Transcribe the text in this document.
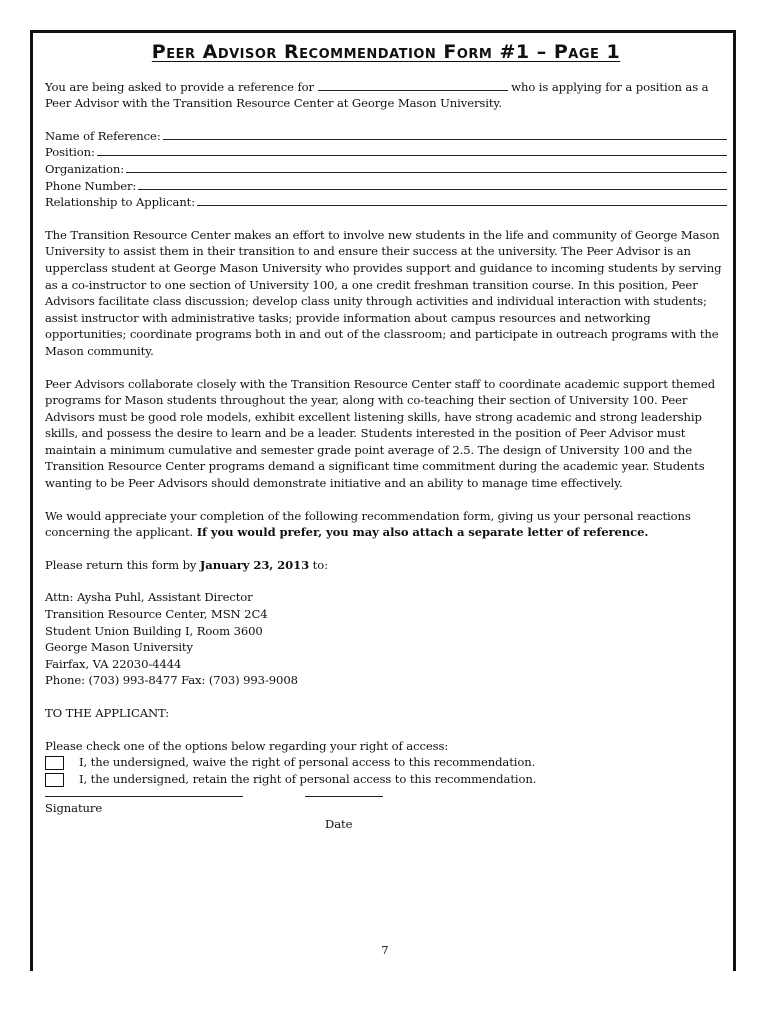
Peer Advisor Recommendation Form #1 – Page 1

You are being asked to provide a reference for	who is applying for a position as a Peer Advisor with the Transition Resource Center at George Mason University.

Name of Reference:
Position:
Organization:
Phone Number:
Relationship to Applicant:

The Transition Resource Center makes an effort to involve new students in the life and community of George Mason University to assist them in their transition to and ensure their success at the university. The Peer Advisor is an upperclass student at George Mason University who provides support and guidance to incoming students by serving as a co-instructor to one section of University 100, a one credit freshman transition course. In this position, Peer Advisors facilitate class discussion; develop class unity through activities and individual interaction with students; assist instructor with administrative tasks; provide information about campus resources and networking opportunities; coordinate programs both in and out of the classroom; and participate in outreach programs with the Mason community.

Peer Advisors collaborate closely with the Transition Resource Center staff to coordinate academic support themed programs for Mason students throughout the year, along with co-teaching their section of University 100. Peer Advisors must be good role models, exhibit excellent listening skills, have strong academic and strong leadership skills, and possess the desire to learn and be a leader. Students interested in the position of Peer Advisor must maintain a minimum cumulative and semester grade point average of 2.5. The design of University 100 and the Transition Resource Center programs demand a significant time commitment during the academic year. Students wanting to be Peer Advisors should demonstrate initiative and an ability to manage time effectively.

We would appreciate your completion of the following recommendation form, giving us your personal reactions concerning the applicant. If you would prefer, you may also attach a separate letter of reference.

Please return this form by January 23, 2013 to:

Attn: Aysha Puhl, Assistant Director

Transition Resource Center, MSN 2C4

Student Union Building I, Room 3600

George Mason University

Fairfax, VA 22030-4444

Phone: (703) 993-8477 Fax: (703) 993-9008

TO THE APPLICANT:

Please check one of the options below regarding your right of access:

I, the undersigned, waive the right of personal access to this recommendation.
I, the undersigned, retain the right of personal access to this recommendation.
Signature
Date
7
